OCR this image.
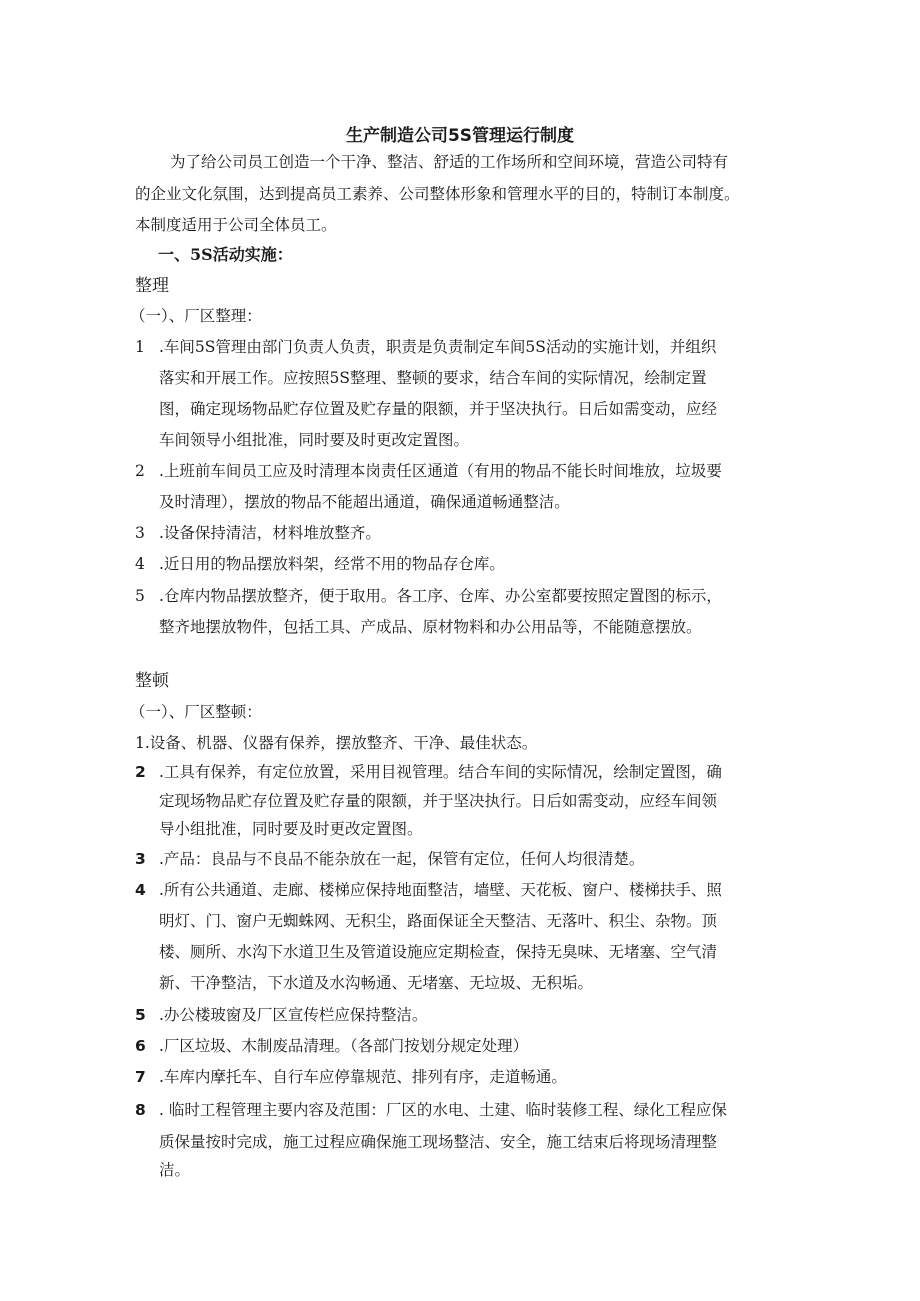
生产制造公司5S管理运行制度
为了给公司员工创造一个干净、整洁、舒适的工作场所和空间环境，营造公司特有
的企业文化氛围，达到提高员工素养、公司整体形象和管理水平的目的，特制订本制度。
本制度适用于公司全体员工。
一、5S活动实施：
整理
（一）、厂区整理：
1 .车间5S管理由部门负责人负责，职责是负责制定车间5S活动的实施计划，并组织
落实和开展工作。应按照5S整理、整顿的要求，结合车间的实际情况，绘制定置
图，确定现场物品贮存位置及贮存量的限额，并于坚决执行。日后如需变动，应经
车间领导小组批准，同时要及时更改定置图。
2 .上班前车间员工应及时清理本岗责任区通道（有用的物品不能长时间堆放，垃圾要
及时清理），摆放的物品不能超出通道，确保通道畅通整洁。
3 .设备保持清洁，材料堆放整齐。
4 .近日用的物品摆放料架，经常不用的物品存仓库。
5 .仓库内物品摆放整齐，便于取用。各工序、仓库、办公室都要按照定置图的标示，
整齐地摆放物件，包括工具、产成品、原材物料和办公用品等，不能随意摆放。
整顿
（一）、厂区整顿：
1.设备、机器、仪器有保养，摆放整齐、干净、最佳状态。
2 .工具有保养，有定位放置，采用目视管理。结合车间的实际情况，绘制定置图，确
定现场物品贮存位置及贮存量的限额，并于坚决执行。日后如需变动，应经车间领
导小组批准，同时要及时更改定置图。
3 .产品：良品与不良品不能杂放在一起，保管有定位，任何人均很清楚。
4 .所有公共通道、走廊、楼梯应保持地面整洁，墙壁、天花板、窗户、楼梯扶手、照
明灯、门、窗户无蜘蛛网、无积尘，路面保证全天整洁、无落叶、积尘、杂物。顶
楼、厕所、水沟下水道卫生及管道设施应定期检查，保持无臭味、无堵塞、空气清
新、干净整洁，下水道及水沟畅通、无堵塞、无垃圾、无积垢。
5 .办公楼玻窗及厂区宣传栏应保持整洁。
6 .厂区垃圾、木制废品清理。（各部门按划分规定处理）
7 .车库内摩托车、自行车应停靠规范、排列有序，走道畅通。
8 . 临时工程管理主要内容及范围：厂区的水电、土建、临时装修工程、绿化工程应保
质保量按时完成，施工过程应确保施工现场整洁、安全，施工结束后将现场清理整
洁。
